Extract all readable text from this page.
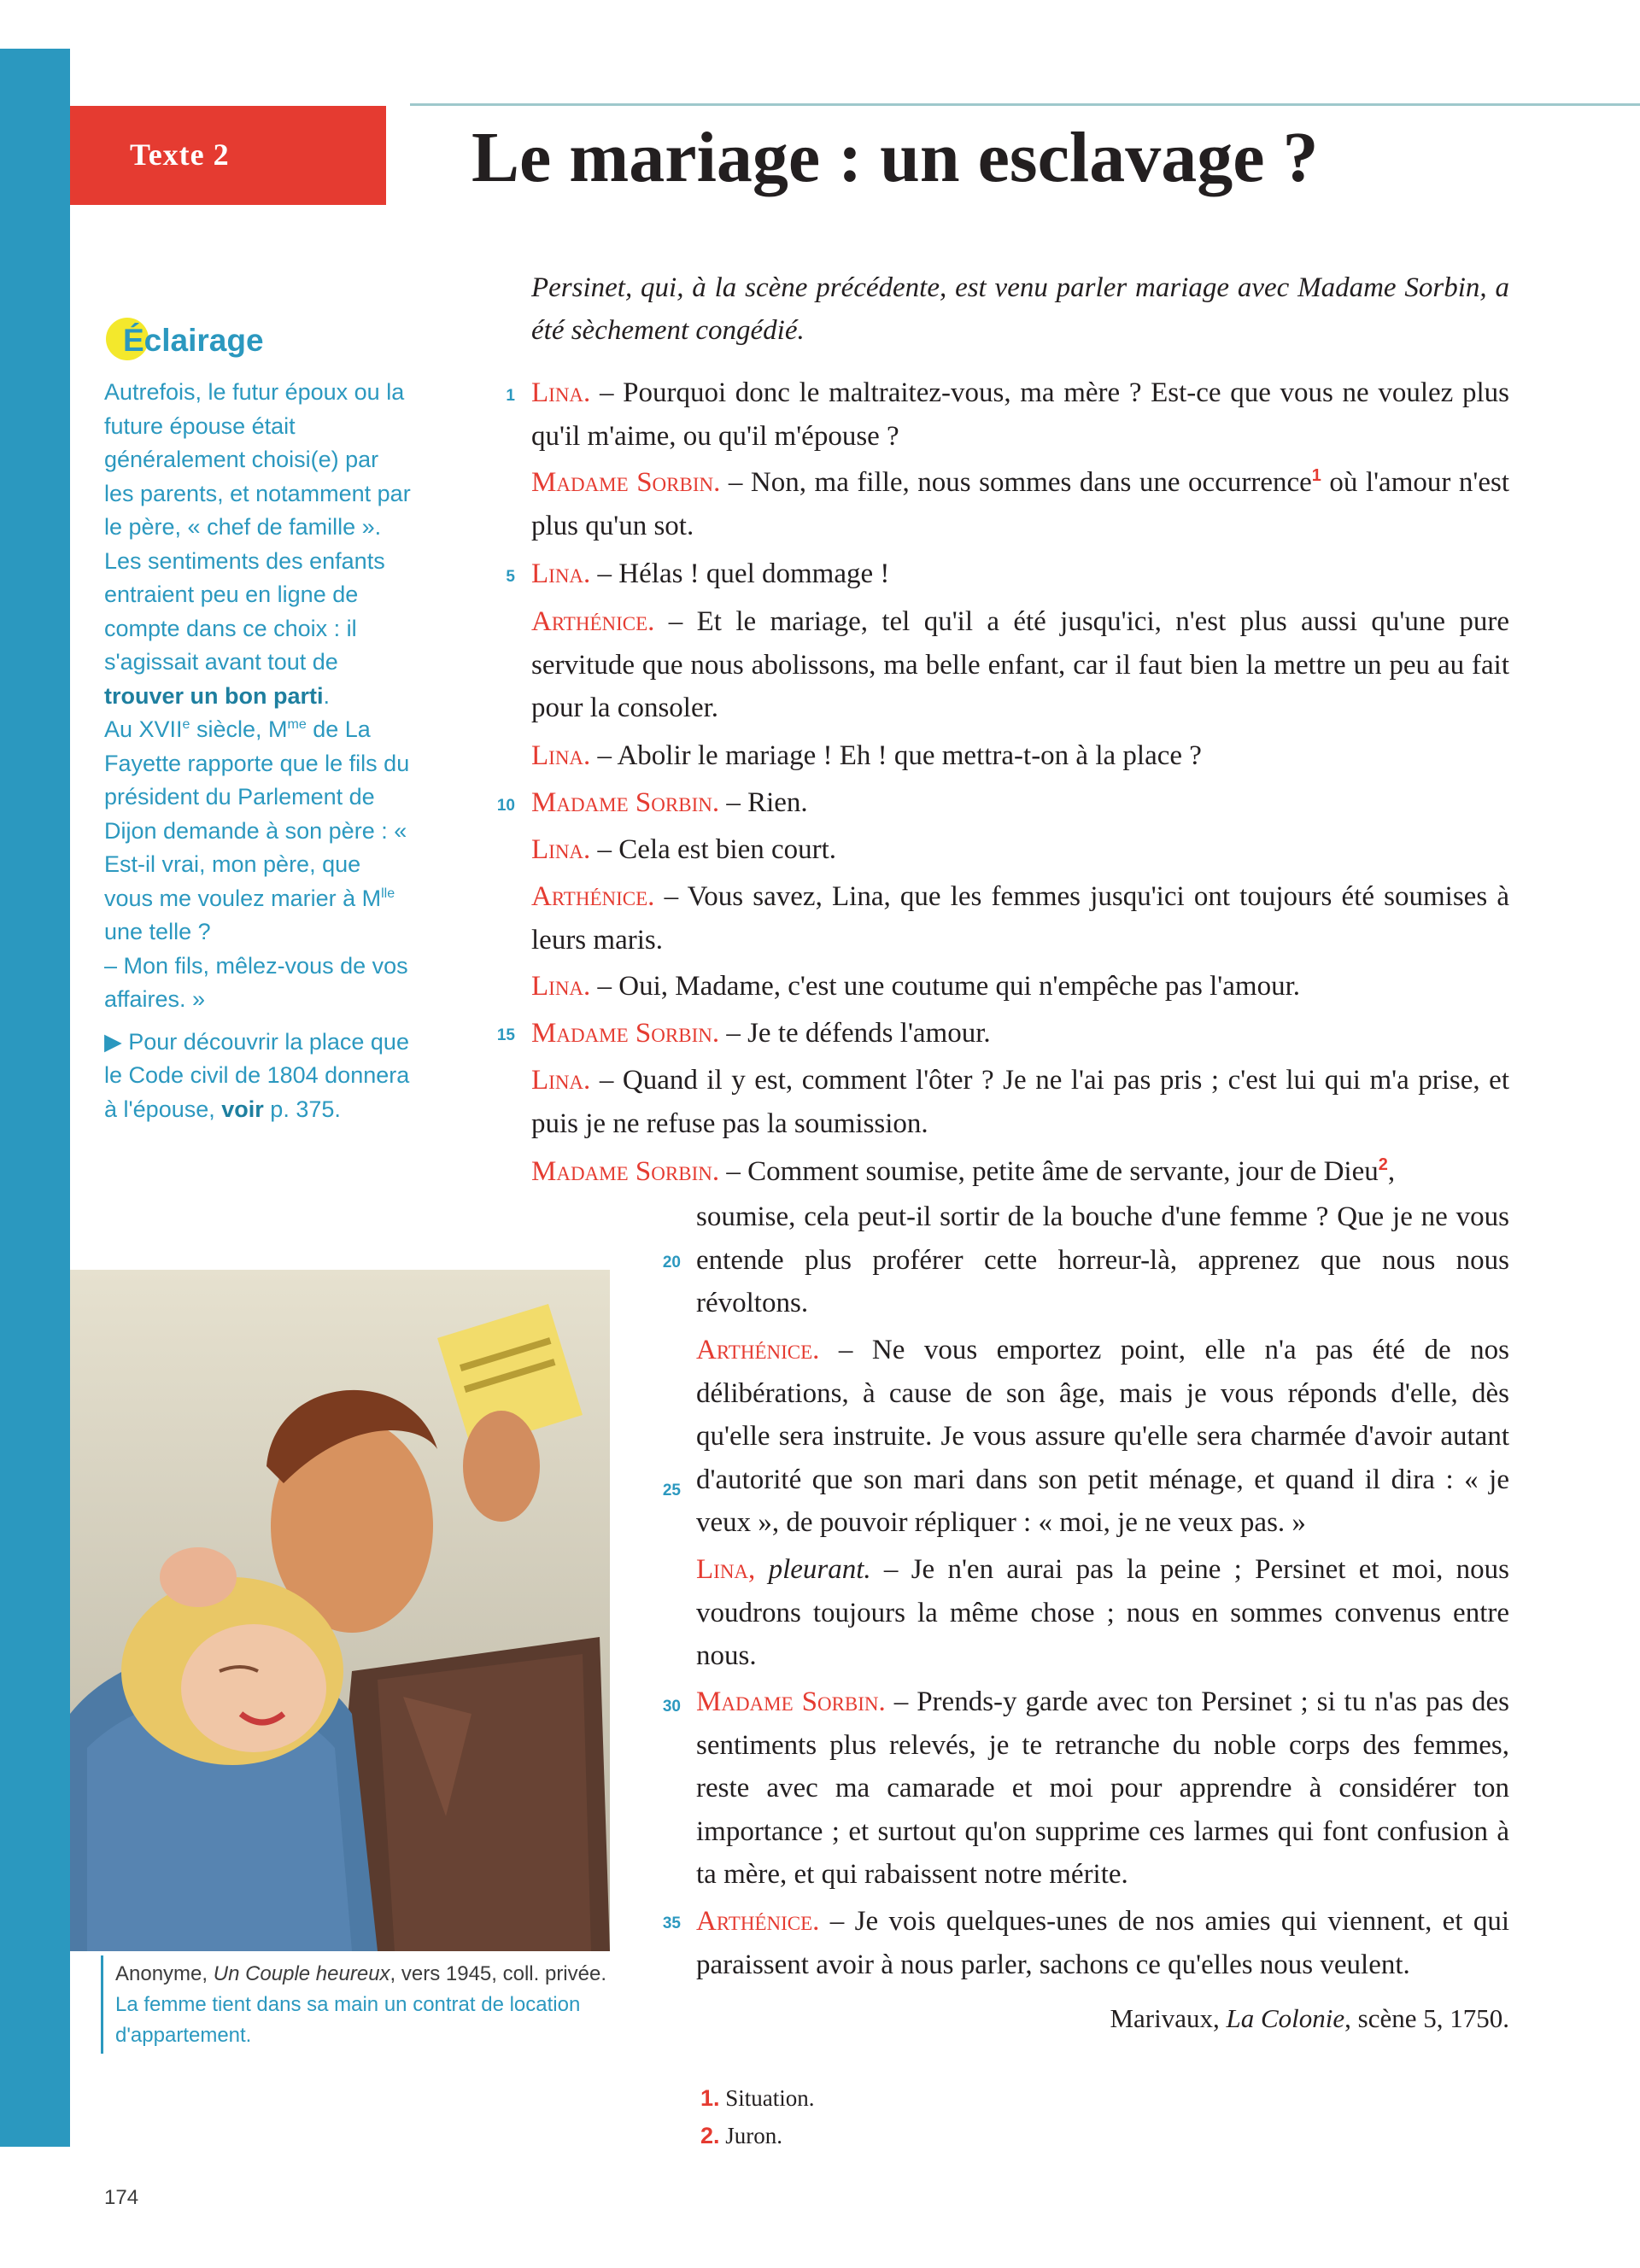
Texte 2	Le mariage : un esclavage ?
Éclairage

Autrefois, le futur époux ou la future épouse était généralement choisi(e) par les parents, et notamment par le père, « chef de famille ». Les sentiments des enfants entraient peu en ligne de compte dans ce choix : il s'agissait avant tout de trouver un bon parti.

Au XVIIe siècle, $M^{me}$ de La Fayette rapporte que le fils du président du Parlement de Dijon demande à son père : « Est-il vrai, mon père, que vous me voulez marier à $M^{lle}$ une telle ?

– Mon fils, mêlez-vous de vos affaires. »

▶ Pour découvrir la place que le Code civil de 1804 donnera à l'épouse, voir p. 375.

Anonyme, Un Couple heureux, vers 1945, coll. privée.
La femme tient dans sa main un contrat de location d'appartement.
Persinet, qui, à la scène précédente, est venu parler mariage avec Madame Sorbin, a été sèchement congédié.
1
5
10
15
20
25
30
35
Lina. – Pourquoi donc le maltraitez-vous, ma mère ? Est-ce que vous ne voulez plus qu'il m'aime, ou qu'il m'épouse ?
Madame Sorbin. – Non, ma fille, nous sommes dans une occurrence$^1$ où l'amour n'est plus qu'un sot.
Lina. – Hélas ! quel dommage !
Arthénice. – Et le mariage, tel qu'il a été jusqu'ici, n'est plus aussi qu'une pure servitude que nous abolissons, ma belle enfant, car il faut bien la mettre un peu au fait pour la consoler.
Lina. – Abolir le mariage ! Eh ! que mettra-t-on à la place ?
Madame Sorbin. – Rien.
Lina. – Cela est bien court.
Arthénice. – Vous savez, Lina, que les femmes jusqu'ici ont toujours été soumises à leurs maris.
Lina. – Oui, Madame, c'est une coutume qui n'empêche pas l'amour.
Madame Sorbin. – Je te défends l'amour.
Lina. – Quand il y est, comment l'ôter ? Je ne l'ai pas pris ; c'est lui qui m'a prise, et puis je ne refuse pas la soumission.
Madame Sorbin. – Comment soumise, petite âme de servante, jour de Dieu$^2$,
soumise, cela peut-il sortir de la bouche d'une femme ? Que je ne vous entende plus proférer cette horreur-là, apprenez que nous nous révoltons.
Arthénice. – Ne vous emportez point, elle n'a pas été de nos délibérations, à cause de son âge, mais je vous réponds d'elle, dès qu'elle sera instruite. Je vous assure qu'elle sera charmée d'avoir autant d'autorité que son mari dans son petit ménage, et quand il dira : « je veux », de pouvoir répliquer : « moi, je ne veux pas. »
Lina, pleurant. – Je n'en aurai pas la peine ; Persinet et moi, nous voudrons toujours la même chose ; nous en sommes convenus entre nous.
Madame Sorbin. – Prends-y garde avec ton Persinet ; si tu n'as pas des sentiments plus relevés, je te retranche du noble corps des femmes, reste avec ma camarade et moi pour apprendre à considérer ton importance ; et surtout qu'on supprime ces larmes qui font confusion à ta mère, et qui rabaissent notre mérite.
Arthénice. – Je vois quelques-unes de nos amies qui viennent, et qui paraissent avoir à nous parler, sachons ce qu'elles nous veulent.
Marivaux, La Colonie, scène 5, 1750.
1. Situation.
2. Juron.
174
